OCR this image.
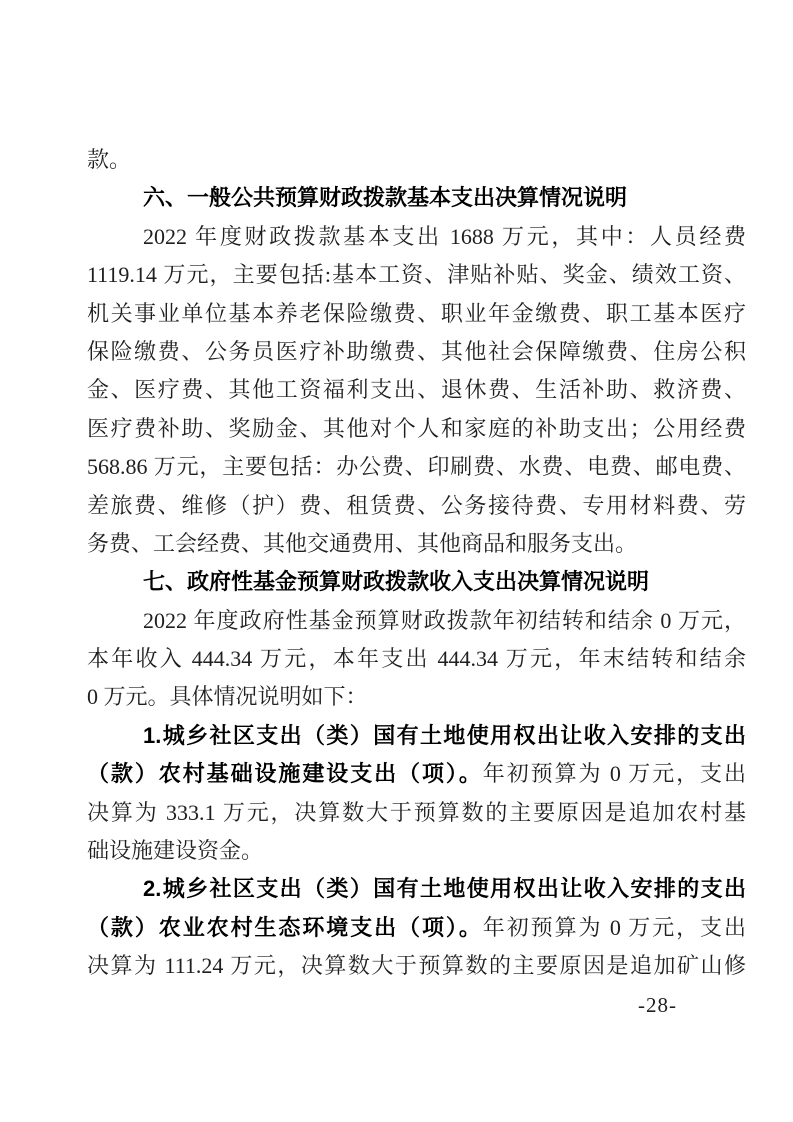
款。
六、一般公共预算财政拨款基本支出决算情况说明
2022 年度财政拨款基本支出 1688 万元，其中：人员经费
1119.14 万元，主要包括:基本工资、津贴补贴、奖金、绩效工资、
机关事业单位基本养老保险缴费、职业年金缴费、职工基本医疗
保险缴费、公务员医疗补助缴费、其他社会保障缴费、住房公积
金、医疗费、其他工资福利支出、退休费、生活补助、救济费、
医疗费补助、奖励金、其他对个人和家庭的补助支出；公用经费
568.86 万元，主要包括：办公费、印刷费、水费、电费、邮电费、
差旅费、维修（护）费、租赁费、公务接待费、专用材料费、劳
务费、工会经费、其他交通费用、其他商品和服务支出。
七、政府性基金预算财政拨款收入支出决算情况说明
2022 年度政府性基金预算财政拨款年初结转和结余 0 万元，
本年收入 444.34 万元，本年支出 444.34 万元，年末结转和结余
0 万元。具体情况说明如下：
1.城乡社区支出（类）国有土地使用权出让收入安排的支出
（款）农村基础设施建设支出（项）。年初预算为 0 万元，支出
决算为 333.1 万元，决算数大于预算数的主要原因是追加农村基
础设施建设资金。
2.城乡社区支出（类）国有土地使用权出让收入安排的支出
（款）农业农村生态环境支出（项）。年初预算为 0 万元，支出
决算为 111.24 万元，决算数大于预算数的主要原因是追加矿山修
-28-
